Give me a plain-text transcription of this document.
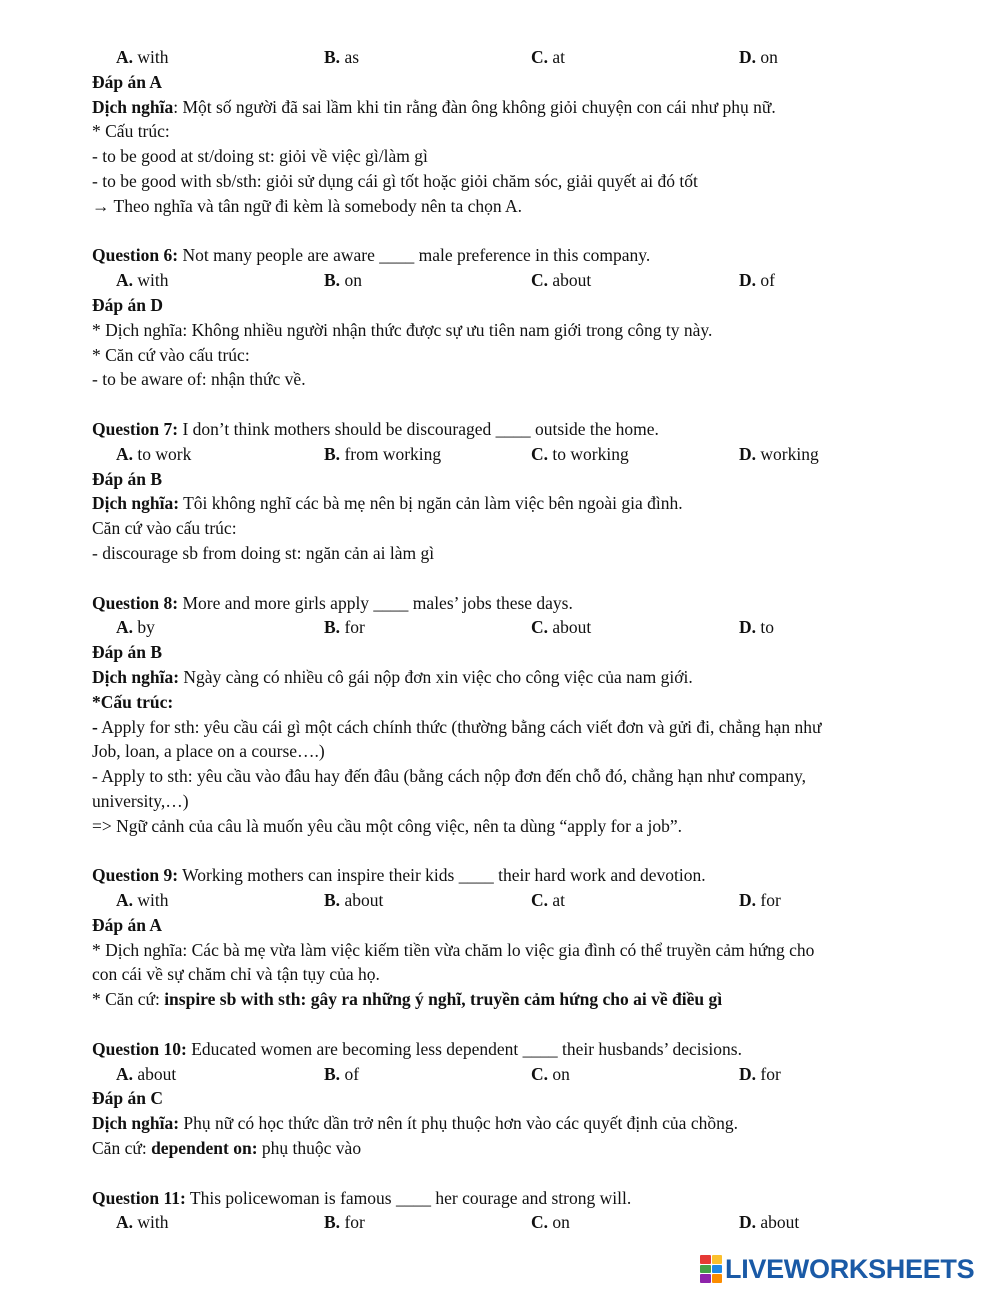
A. with	B. as	C. at	D. on
Đáp án A
Dịch nghĩa: Một số người đã sai lầm khi tin rằng đàn ông không giỏi chuyện con cái như phụ nữ.
* Cấu trúc:
- to be good at st/doing st: giỏi về việc gì/làm gì
- to be good with sb/sth: giỏi sử dụng cái gì tốt hoặc giỏi chăm sóc, giải quyết ai đó tốt
→ Theo nghĩa và tân ngữ đi kèm là somebody nên ta chọn A.
Question 6: Not many people are aware ____ male preference in this company.
A. with	B. on	C. about	D. of
Đáp án D
* Dịch nghĩa: Không nhiều người nhận thức được sự ưu tiên nam giới trong công ty này.
* Căn cứ vào cấu trúc:
- to be aware of: nhận thức về.
Question 7: I don’t think mothers should be discouraged ____ outside the home.
A. to work	B. from working	C. to working	D. working
Đáp án B
Dịch nghĩa: Tôi không nghĩ các bà mẹ nên bị ngăn cản làm việc bên ngoài gia đình.
Căn cứ vào cấu trúc:
- discourage sb from doing st: ngăn cản ai làm gì
Question 8: More and more girls apply ____ males’ jobs these days.
A. by	B. for	C. about	D. to
Đáp án B
Dịch nghĩa: Ngày càng có nhiều cô gái nộp đơn xin việc cho công việc của nam giới.
*Cấu trúc:
- Apply for sth: yêu cầu cái gì một cách chính thức (thường bằng cách viết đơn và gửi đi, chẳng hạn như
Job, loan, a place on a course….)
- Apply to sth: yêu cầu vào đâu hay đến đâu (bằng cách nộp đơn đến chỗ đó, chẳng hạn như company,
university,…)
=> Ngữ cảnh của câu là muốn yêu cầu một công việc, nên ta dùng “apply for a job”.
Question 9: Working mothers can inspire their kids ____ their hard work and devotion.
A. with	B. about	C. at	D. for
Đáp án A
* Dịch nghĩa: Các bà mẹ vừa làm việc kiếm tiền vừa chăm lo việc gia đình có thể truyền cảm hứng cho
con cái về sự chăm chỉ và tận tụy của họ.
* Căn cứ: inspire sb with sth: gây ra những ý nghĩ, truyền cảm hứng cho ai về điều gì
Question 10: Educated women are becoming less dependent ____ their husbands’ decisions.
A. about	B. of	C. on	D. for
Đáp án C
Dịch nghĩa: Phụ nữ có học thức dần trở nên ít phụ thuộc hơn vào các quyết định của chồng.
Căn cứ: dependent on: phụ thuộc vào
Question 11: This policewoman is famous ____ her courage and strong will.
A. with	B. for	C. on	D. about
LIVEWORKSHEETS
